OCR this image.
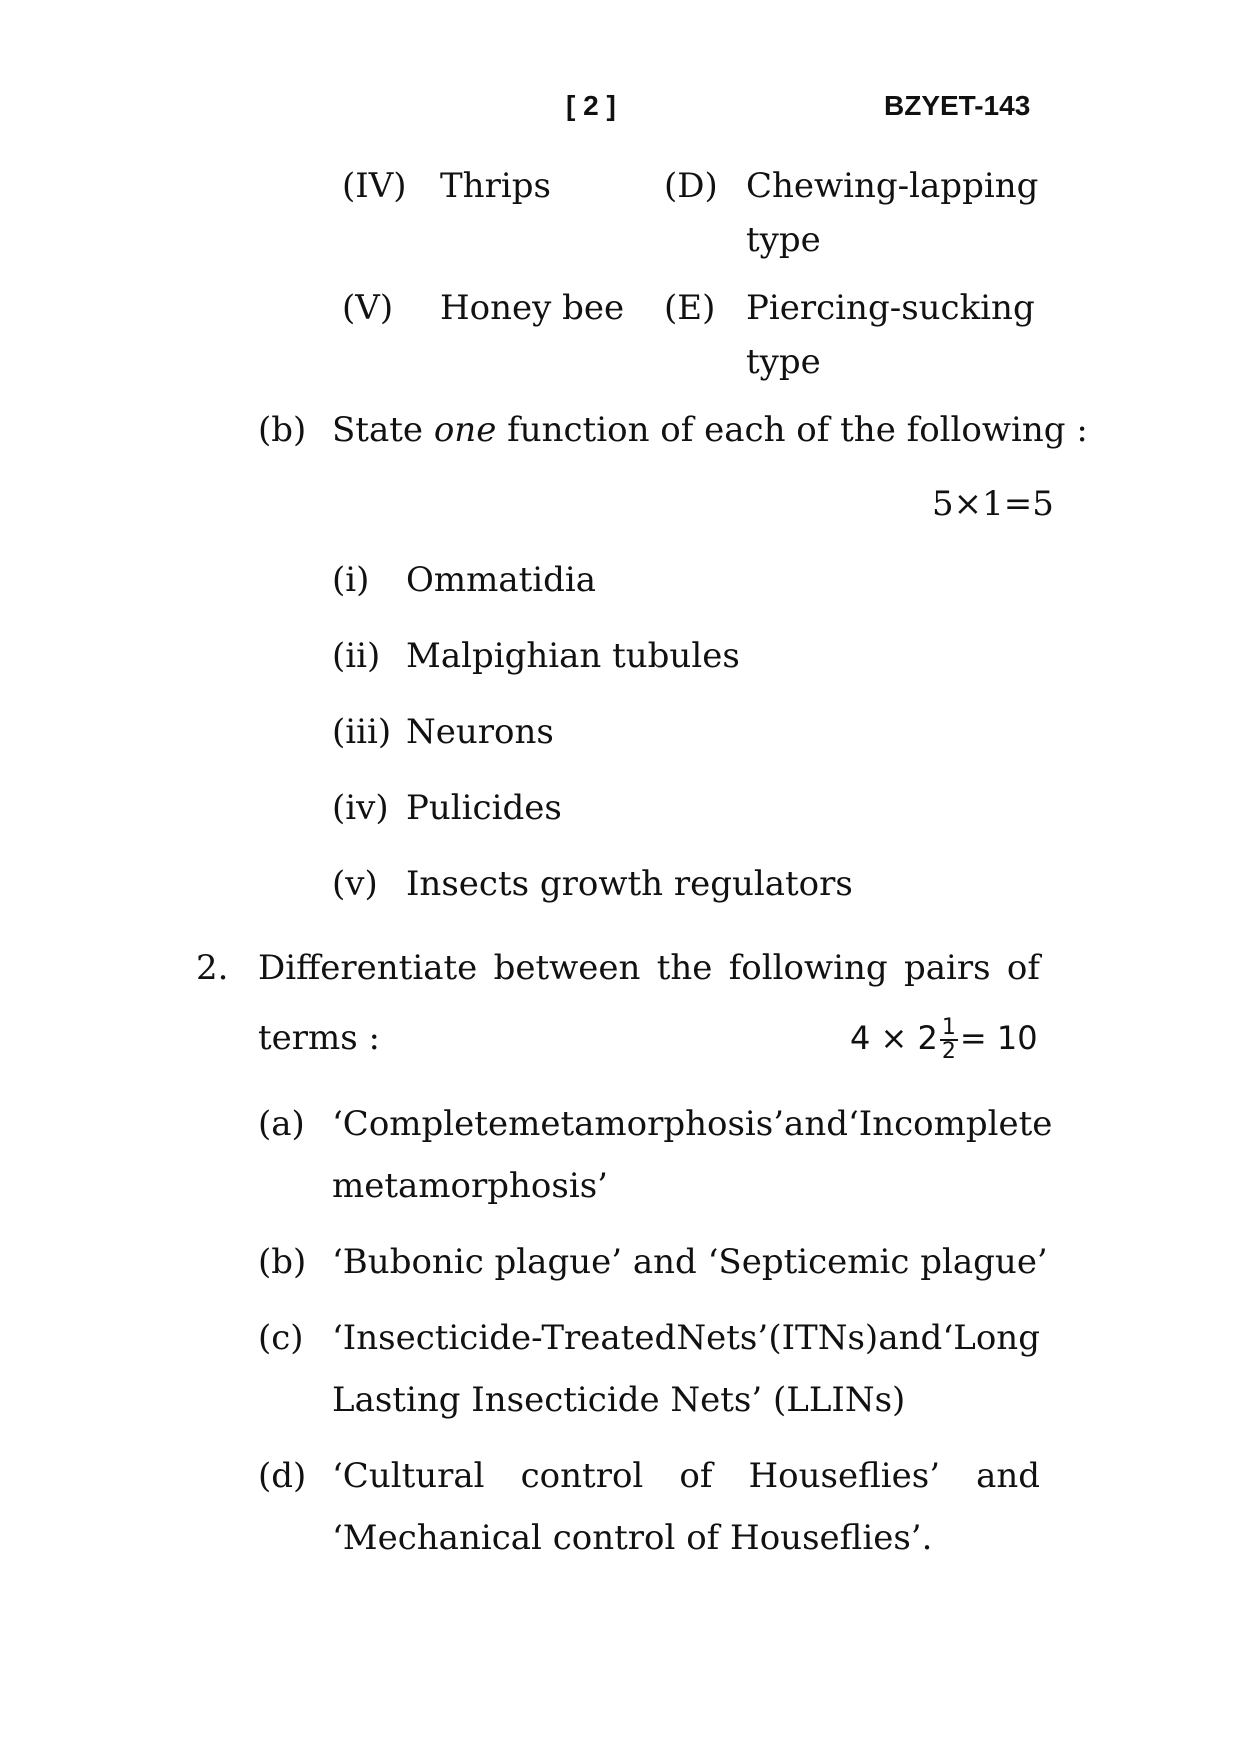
[ 2 ]	BZYET-143
(IV) Thrips	(D) Chewing-lapping
type
(V) Honey bee (E) Piercing-sucking
type
(b) State one function of each of the following :
5×1=5
(i) Ommatidia
(ii) Malpighian tubules
(iii) Neurons
(iv) Pulicides
(v) Insects growth regulators
2. Differentiate between the following pairs of
terms :	$4 \times 2 \frac{1}{2} = 10$
(a) ‘Complete metamorphosis’ and ‘Incomplete
metamorphosis’
(b) ‘Bubonic plague’ and ‘Septicemic plague’
(c) ‘Insecticide-Treated Nets’ (ITNs) and ‘Long
Lasting Insecticide Nets’ (LLINs)
(d) ‘Cultural control of Houseflies’ and
‘Mechanical control of Houseflies’.
